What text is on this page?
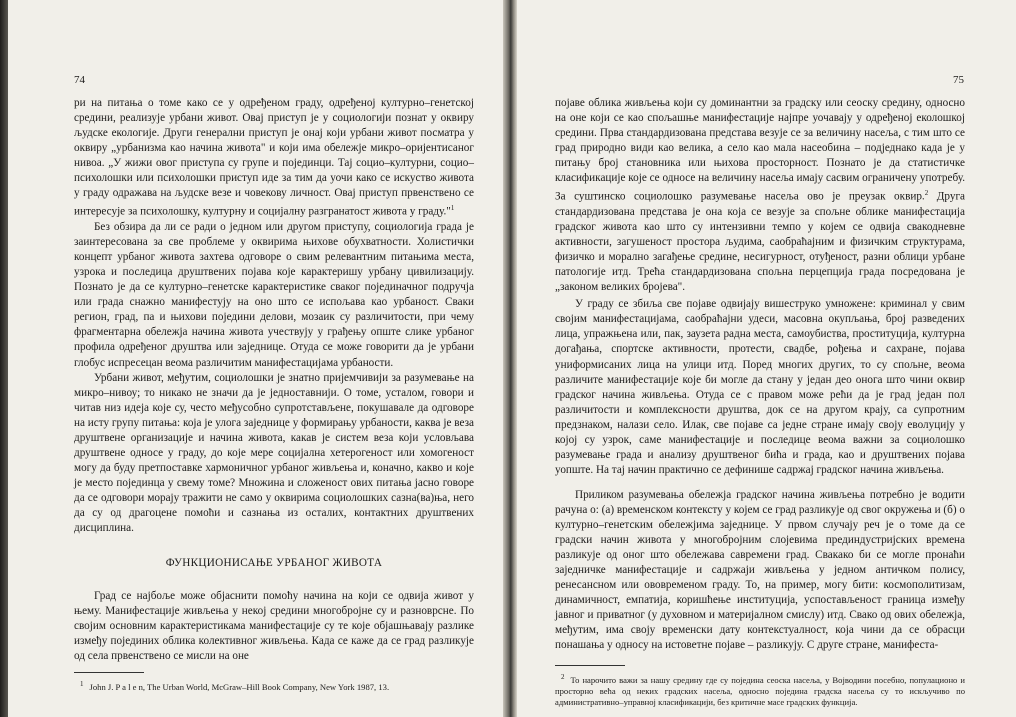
74

ри на питања о томе како се у одређеном граду, одређеној културно–генетској средини, реализује урбани живот. Овај приступ је у социологији познат у оквиру људске екологије. Други генерални приступ је онај који урбани живот посматра у оквиру „урбанизма као начина живота" и који има обележје микро–оријентисаног нивоа. „У жижи овог приступа су групе и појединци. Тај социо–културни, социо–психолошки или психолошки приступ иде за тим да уочи како се искуство живота у граду одражава на људске везе и човекову личност. Овај приступ првенствено се интересује за психолошку, културну и социјалну разгранатост живота у граду."$^1$

Без обзира да ли се ради о једном или другом приступу, социологија града је заинтересована за све проблеме у оквирима њихове обухватности. Холистички концепт урбаног живота захтева одговоре о свим релевантним питањима места, узрока и последица друштвених појава које карактеришу урбану цивилизацију. Познато је да се културно–генетске карактеристике сваког појединачног подручја или града снажно манифестују на оно што се испољава као урбаност. Сваки регион, град, па и њихови поједини делови, мозаик су различитости, при чему фрагментарна обележја начина живота учествују у грађењу опште слике урбаног профила одређеног друштва или заједнице. Отуда се може говорити да је урбани глобус испресецан веома различитим манифестацијама урбаности.

Урбани живот, међутим, социолошки је знатно пријемчивији за разумевање на микро–нивоу; то никако не значи да је једноставнији. О томе, усталом, говори и читав низ идеја које су, често међусобно супротстављене, покушавале да одговоре на исту групу питања: која је улога заједнице у формирању урбаности, каква је веза друштвене организације и начина живота, какав је систем веза који условљава друштвене односе у граду, до које мере социјална хетерогеност или хомогеност могу да буду претпоставке хармоничног урбаног живљења и, коначно, какво и које је место појединца у свему томе? Множина и сложеност ових питања јасно говоре да се одговори морају тражити не само у оквирима социолошких сазна(ва)ња, него да су од драгоцене помоћи и сазнања из осталих, контактних друштвених дисциплина.

ФУНКЦИОНИСАЊЕ УРБАНОГ ЖИВОТА

Град се најбоље може објаснити помоћу начина на који се одвија живот у њему. Манифестације живљења у некој средини многобројне су и разноврсне. По својим основним карактеристикама манифестације су те које објашњавају разлике између појединих облика колективног живљења. Када се каже да се град разликује од села првенствено се мисли на оне

$^1$ John J. P a l e n, The Urban World, McGraw–Hill Book Company, New York 1987, 13.
75

појаве облика живљења који су доминантни за градску или сеоску средину, односно на оне који се као спољашње манифестације најпре уочавају у одређеној еколошкој средини. Прва стандардизована представа везује се за величину насеља, с тим што се град природно види као велика, а село као мала насеобина – подједнако када је у питању број становника или њихова просторност. Познато је да статистичке класификације које се односе на величину насеља имају сасвим ограничену употребу. За суштинско социолошко разумевање насеља ово је преузак оквир.$^2$ Друга стандардизована представа је она која се везује за спољне облике манифестација градског живота као што су интензивни темпо у којем се одвија свакодневне активности, загушеност простора људима, саобраћајним и физичким структурама, физичко и морално загађење средине, несигурност, отуђеност, разни облици урбане патологије итд. Трећа стандардизована спољна перцепција града посредована је „законом великих бројева".

У граду се збиља све појаве одвијају вишеструко умножене: криминал у свим својим манифестацијама, саобраћајни удеси, масовна окупљања, број разведених лица, упражњена или, пак, заузета радна места, самоубиства, проституција, културна догађања, спортске активности, протести, свадбе, рођења и сахране, појава униформисаних лица на улици итд. Поред многих других, то су спољне, веома различите манифестације које би могле да стану у један део онога што чини оквир градског начина живљења. Отуда се с правом може рећи да је град један пол различитости и комплексности друштва, док се на другом крају, са супротним предзнаком, налази село. Илак, све појаве са једне стране имају своју еволуцију у којој су узрок, саме манифестације и последице веома важни за социолошко разумевање града и анализу друштвеног бића и града, као и друштвених појава уопште. На тај начин практично се дефинише садржај градског начина живљења.

Приликом разумевања обележја градског начина живљења потребно је водити рачуна о: (а) временском контексту у којем се град разликује од свог окружења и (б) о културно–генетским обележјима заједнице. У првом случају реч је о томе да се градски начин живота у многобројним слојевима прединдустријских времена разликује од оног што обележава савремени град. Свакако би се могле пронаћи заједничке манифестације и садржаји живљења у једном античком полису, ренесансном или ововременом граду. То, на пример, могу бити: космополитизам, динамичност, емпатија, коришћење институција, успостављеност граница између јавног и приватног (у духовном и материјалном смислу) итд. Свако од ових обележја, међутим, има своју временски дату контекстуалност, која чини да се обрасци понашања у односу на истоветне појаве – разликују. С друге стране, манифеста-

$^2$ То нарочито важи за нашу средину где су поједина сеоска насеља, у Војводини посебно, популационо и просторно већа од неких градских насеља, односно поједина градска насеља су то искључиво по административно–управној класификацији, без критичне масе градских функција.
